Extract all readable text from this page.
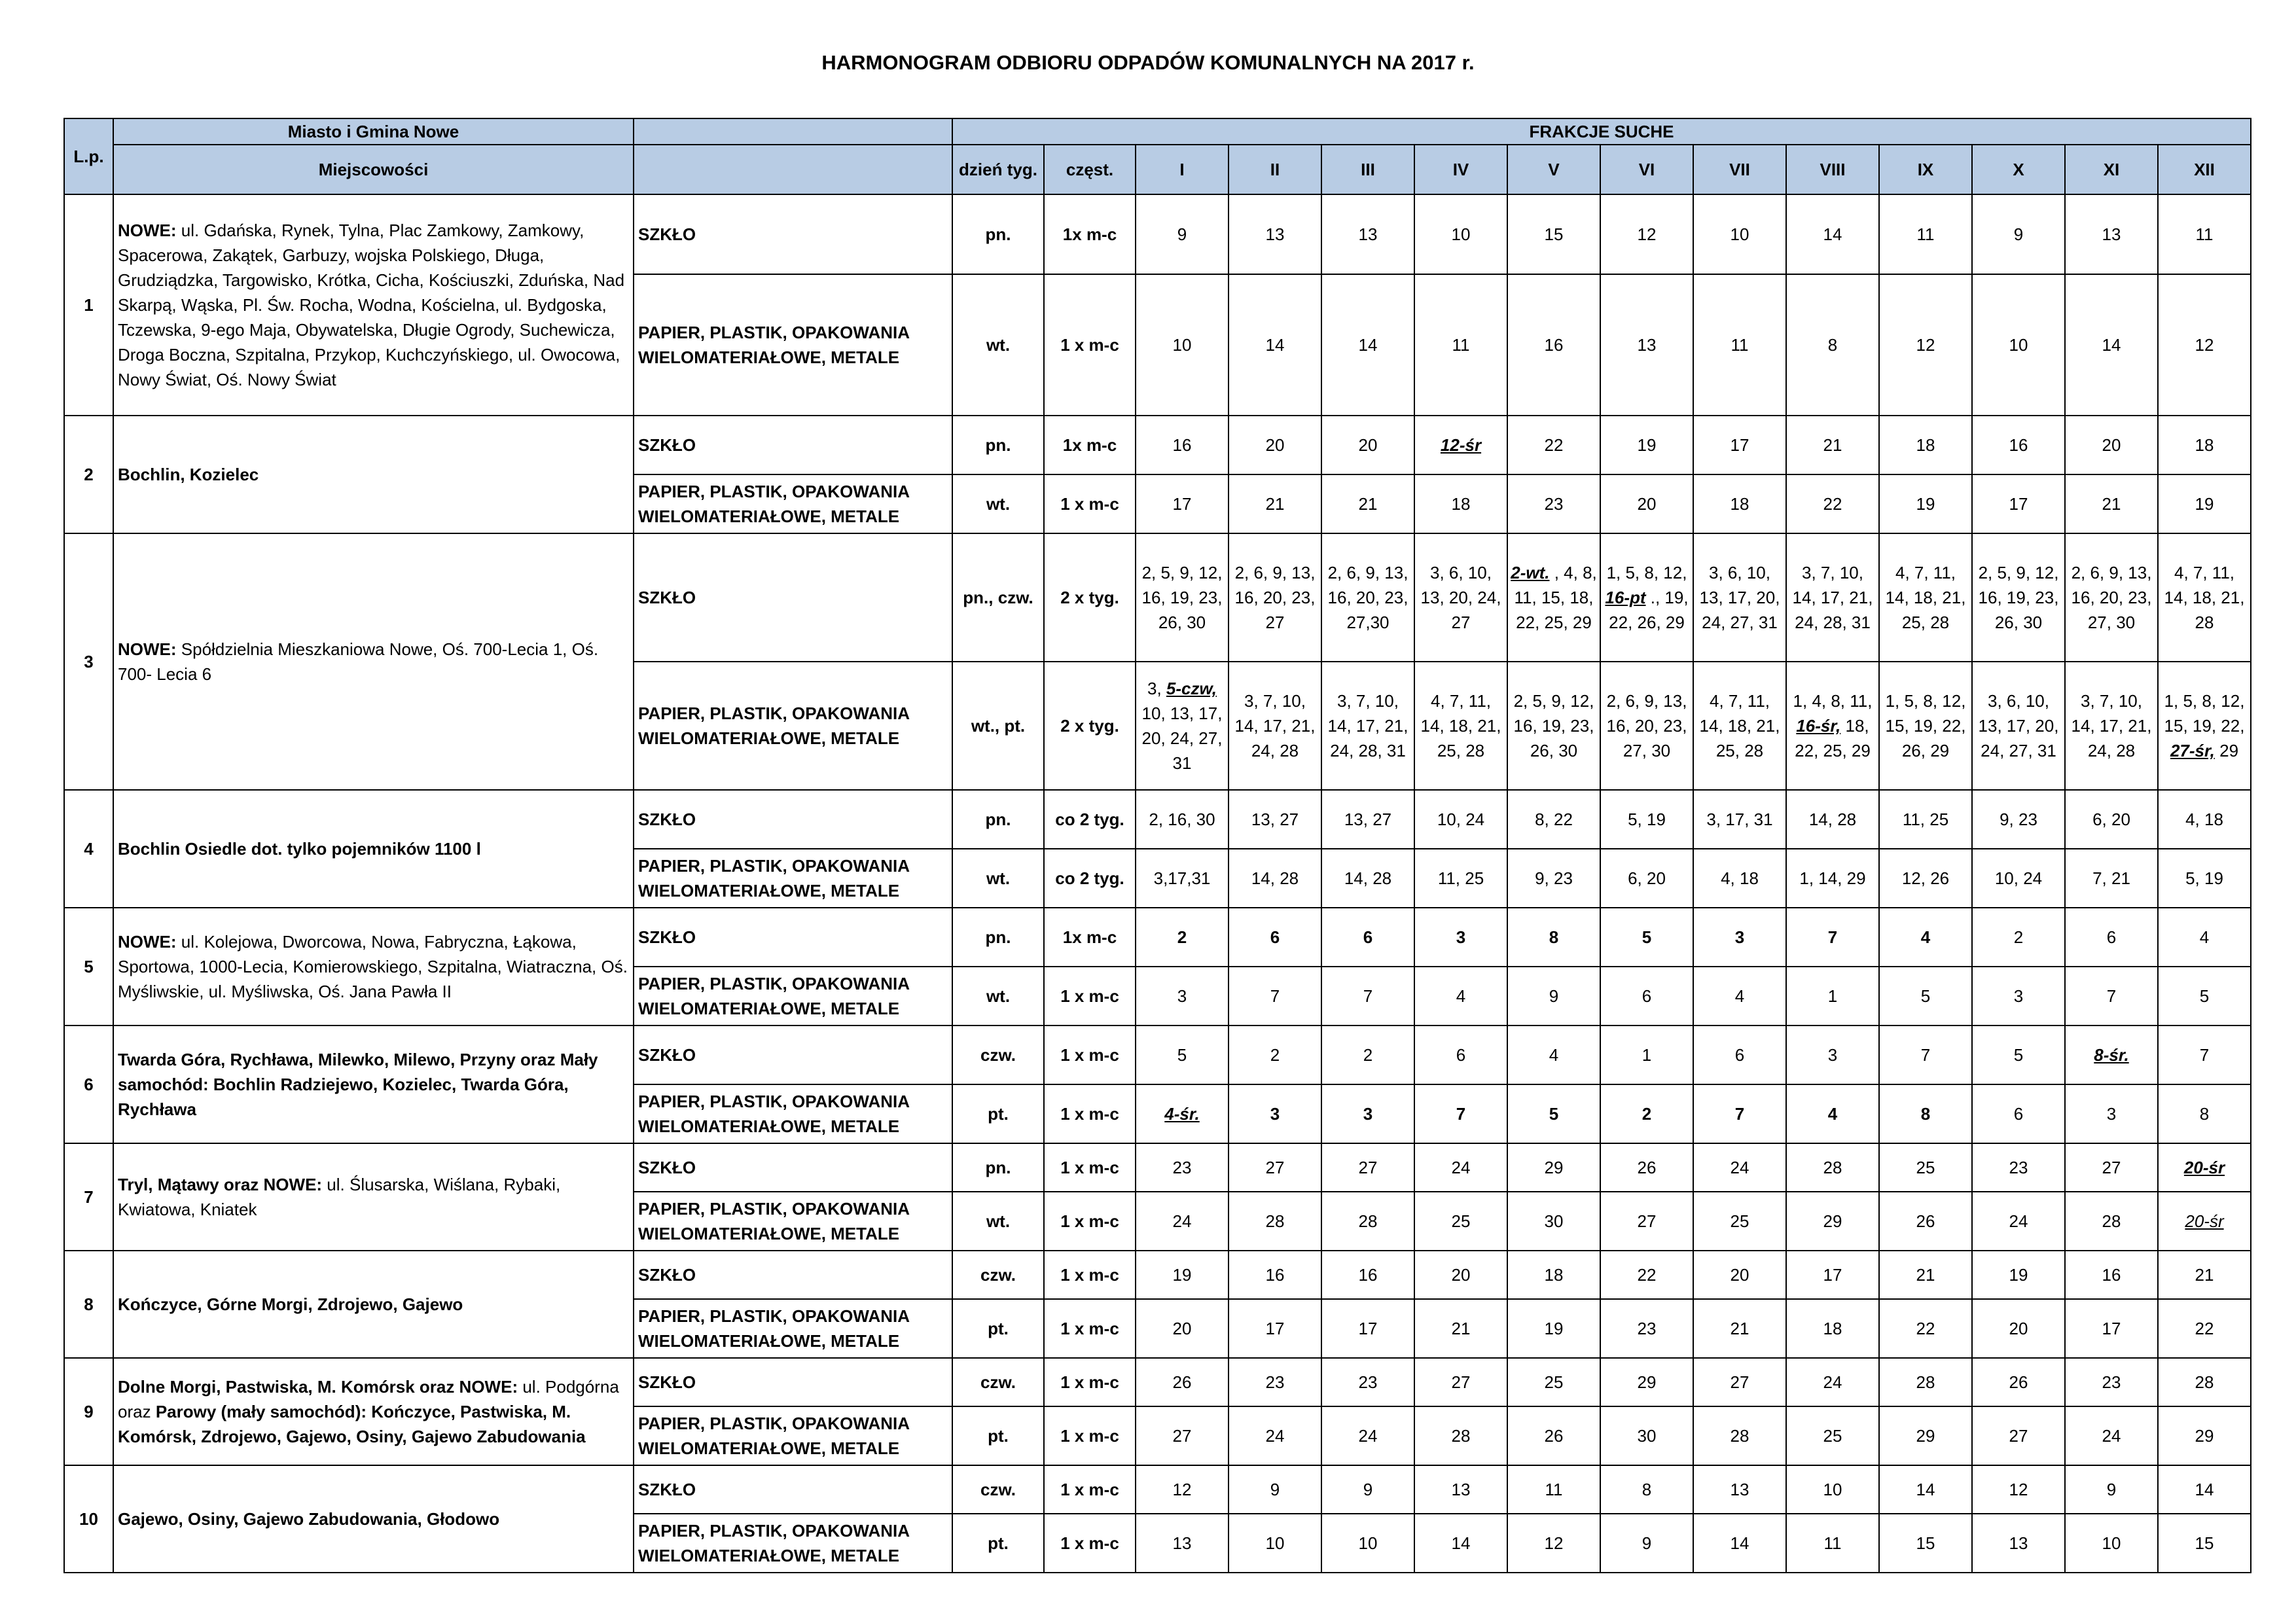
HARMONOGRAM ODBIORU ODPADÓW KOMUNALNYCH NA 2017 r.
L.p.	Miasto i Gmina Nowe		FRAKCJE SUCHE													
	Miejscowości		dzień tyg.	częst.	I	II	III	IV	V	VI	VII	VIII	IX	X	XI	XII
1	NOWE: ul. Gdańska, Rynek, Tylna, Plac Zamkowy, Zamkowy, Spacerowa, Zakątek, Garbuzy, wojska Polskiego, Długa, Grudziądzka, Targowisko, Krótka, Cicha, Kościuszki, Zduńska, Nad Skarpą, Wąska, Pl. Św. Rocha, Wodna, Kościelna, ul. Bydgoska, Tczewska, 9-ego Maja, Obywatelska, Długie Ogrody, Suchewicza, Droga Boczna, Szpitalna, Przykop, Kuchczyńskiego, ul. Owocowa, Nowy Świat, Oś. Nowy Świat	SZKŁO	pn.	1x m-c	9	13	13	10	15	12	10	14	11	9	13	11
		PAPIER, PLASTIK, OPAKOWANIA WIELOMATERIAŁOWE, METALE	wt.	1 x m-c	10	14	14	11	16	13	11	8	12	10	14	12
2	Bochlin, Kozielec	SZKŁO	pn.	1x m-c	16	20	20	12-śr	22	19	17	21	18	16	20	18
		PAPIER, PLASTIK, OPAKOWANIA WIELOMATERIAŁOWE, METALE	wt.	1 x m-c	17	21	21	18	23	20	18	22	19	17	21	19
3	NOWE: Spółdzielnia Mieszkaniowa Nowe, Oś. 700-Lecia 1, Oś. 700- Lecia 6	SZKŁO	pn., czw.	2 x tyg.	2, 5, 9, 12, 16, 19, 23, 26, 30	2, 6, 9, 13, 16, 20, 23, 27	2, 6, 9, 13, 16, 20, 23, 27,30	3, 6, 10, 13, 20, 24, 27	2-wt. , 4, 8, 11, 15, 18, 22, 25, 29	1, 5, 8, 12, 16-pt ., 19, 22, 26, 29	3, 6, 10, 13, 17, 20, 24, 27, 31	3, 7, 10, 14, 17, 21, 24, 28, 31	4, 7, 11, 14, 18, 21, 25, 28	2, 5, 9, 12, 16, 19, 23, 26, 30	2, 6, 9, 13, 16, 20, 23, 27, 30	4, 7, 11, 14, 18, 21, 28
		PAPIER, PLASTIK, OPAKOWANIA WIELOMATERIAŁOWE, METALE	wt., pt.	2 x tyg.	3, 5-czw, 10, 13, 17, 20, 24, 27, 31	3, 7, 10, 14, 17, 21, 24, 28	3, 7, 10, 14, 17, 21, 24, 28, 31	4, 7, 11, 14, 18, 21, 25, 28	2, 5, 9, 12, 16, 19, 23, 26, 30	2, 6, 9, 13, 16, 20, 23, 27, 30	4, 7, 11, 14, 18, 21, 25, 28	1, 4, 8, 11, 16-śr, 18, 22, 25, 29	1, 5, 8, 12, 15, 19, 22, 26, 29	3, 6, 10, 13, 17, 20, 24, 27, 31	3, 7, 10, 14, 17, 21, 24, 28	1, 5, 8, 12, 15, 19, 22, 27-śr, 29
4	Bochlin Osiedle dot. tylko pojemników 1100 l	SZKŁO	pn.	co 2 tyg.	2, 16, 30	13, 27	13, 27	10, 24	8, 22	5, 19	3, 17, 31	14, 28	11, 25	9, 23	6, 20	4, 18
		PAPIER, PLASTIK, OPAKOWANIA WIELOMATERIAŁOWE, METALE	wt.	co 2 tyg.	3,17,31	14, 28	14, 28	11, 25	9, 23	6, 20	4, 18	1, 14, 29	12, 26	10, 24	7, 21	5, 19
5	NOWE: ul. Kolejowa, Dworcowa, Nowa, Fabryczna, Łąkowa, Sportowa, 1000-Lecia, Komierowskiego, Szpitalna, Wiatraczna, Oś. Myśliwskie, ul. Myśliwska, Oś. Jana Pawła II	SZKŁO	pn.	1x m-c	2	6	6	3	8	5	3	7	4	2	6	4
		PAPIER, PLASTIK, OPAKOWANIA WIELOMATERIAŁOWE, METALE	wt.	1 x m-c	3	7	7	4	9	6	4	1	5	3	7	5
6	Twarda Góra, Rychława, Milewko, Milewo, Przyny oraz Mały samochód: Bochlin Radziejewo, Kozielec, Twarda Góra, Rychława	SZKŁO	czw.	1 x m-c	5	2	2	6	4	1	6	3	7	5	8-śr.	7
		PAPIER, PLASTIK, OPAKOWANIA WIELOMATERIAŁOWE, METALE	pt.	1 x m-c	4-śr.	3	3	7	5	2	7	4	8	6	3	8
7	Tryl, Mątawy oraz NOWE: ul. Ślusarska, Wiślana, Rybaki, Kwiatowa, Kniatek	SZKŁO	pn.	1 x m-c	23	27	27	24	29	26	24	28	25	23	27	20-śr
		PAPIER, PLASTIK, OPAKOWANIA WIELOMATERIAŁOWE, METALE	wt.	1 x m-c	24	28	28	25	30	27	25	29	26	24	28	20-śr
8	Kończyce, Górne Morgi, Zdrojewo, Gajewo	SZKŁO	czw.	1 x m-c	19	16	16	20	18	22	20	17	21	19	16	21
		PAPIER, PLASTIK, OPAKOWANIA WIELOMATERIAŁOWE, METALE	pt.	1 x m-c	20	17	17	21	19	23	21	18	22	20	17	22
9	Dolne Morgi, Pastwiska, M. Komórsk oraz NOWE: ul. Podgórna oraz Parowy (mały samochód): Kończyce, Pastwiska, M. Komórsk, Zdrojewo, Gajewo, Osiny, Gajewo Zabudowania	SZKŁO	czw.	1 x m-c	26	23	23	27	25	29	27	24	28	26	23	28
		PAPIER, PLASTIK, OPAKOWANIA WIELOMATERIAŁOWE, METALE	pt.	1 x m-c	27	24	24	28	26	30	28	25	29	27	24	29
10	Gajewo, Osiny, Gajewo Zabudowania, Głodowo	SZKŁO	czw.	1 x m-c	12	9	9	13	11	8	13	10	14	12	9	14
		PAPIER, PLASTIK, OPAKOWANIA WIELOMATERIAŁOWE, METALE	pt.	1 x m-c	13	10	10	14	12	9	14	11	15	13	10	15
